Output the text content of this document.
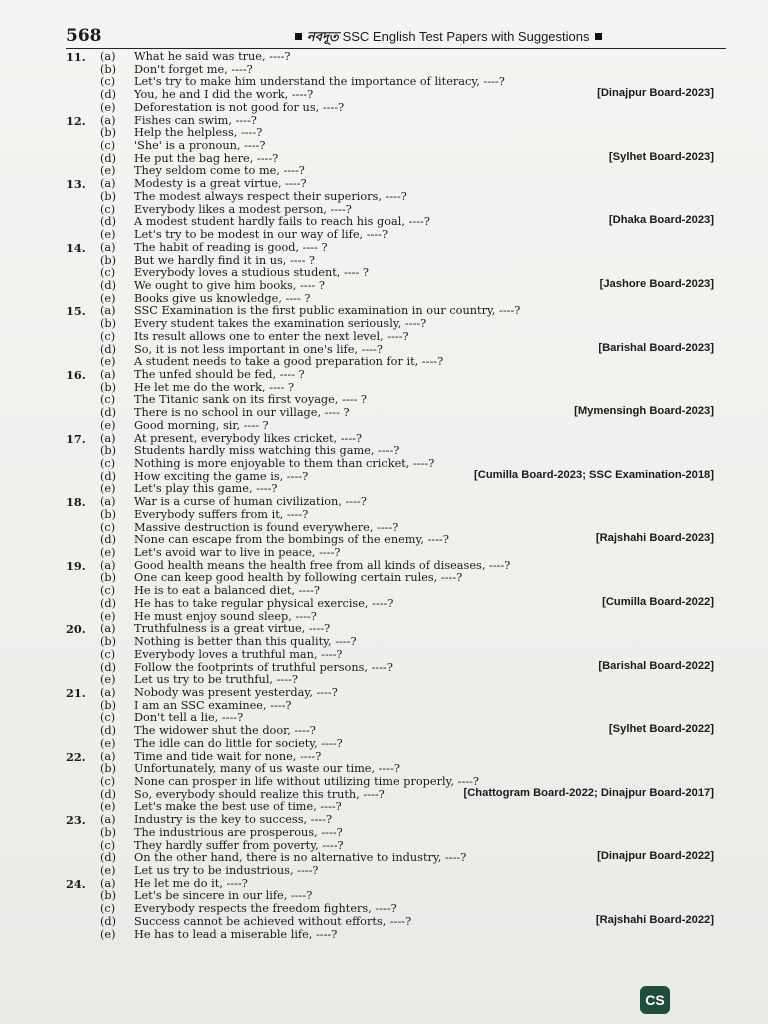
568	নবদূত SSC English Test Papers with Suggestions
11.	(a)	What he said was true, ----?
(b)	Don't forget me, ----?
(c)	Let's try to make him understand the importance of literacy, ----?
(d)	You, he and I did the work, ----?	[Dinajpur Board-2023]
(e)	Deforestation is not good for us, ----?
12.	(a)	Fishes can swim, ----?
(b)	Help the helpless, ----?
(c)	'She' is a pronoun, ----?
(d)	He put the bag here, ----?	[Sylhet Board-2023]
(e)	They seldom come to me, ----?
13.	(a)	Modesty is a great virtue, ----?
(b)	The modest always respect their superiors, ----?
(c)	Everybody likes a modest person, ----?
(d)	A modest student hardly fails to reach his goal, ----?	[Dhaka Board-2023]
(e)	Let's try to be modest in our way of life, ----?
14.	(a)	The habit of reading is good, ---- ?
(b)	But we hardly find it in us, ---- ?
(c)	Everybody loves a studious student, ---- ?
(d)	We ought to give him books, ---- ?	[Jashore Board-2023]
(e)	Books give us knowledge, ---- ?
15.	(a)	SSC Examination is the first public examination in our country, ----?
(b)	Every student takes the examination seriously, ----?
(c)	Its result allows one to enter the next level, ----?
(d)	So, it is not less important in one's life, ----?	[Barishal Board-2023]
(e)	A student needs to take a good preparation for it, ----?
16.	(a)	The unfed should be fed, ---- ?
(b)	He let me do the work, ---- ?
(c)	The Titanic sank on its first voyage, ---- ?
(d)	There is no school in our village, ---- ?	[Mymensingh Board-2023]
(e)	Good morning, sir, ---- ?
17.	(a)	At present, everybody likes cricket, ----?
(b)	Students hardly miss watching this game, ----?
(c)	Nothing is more enjoyable to them than cricket, ----?
(d)	How exciting the game is, ----?	[Cumilla Board-2023; SSC Examination-2018]
(e)	Let's play this game, ----?
18.	(a)	War is a curse of human civilization, ----?
(b)	Everybody suffers from it, ----?
(c)	Massive destruction is found everywhere, ----?
(d)	None can escape from the bombings of the enemy, ----?	[Rajshahi Board-2023]
(e)	Let's avoid war to live in peace, ----?
19.	(a)	Good health means the health free from all kinds of diseases, ----?
(b)	One can keep good health by following certain rules, ----?
(c)	He is to eat a balanced diet, ----?
(d)	He has to take regular physical exercise, ----?	[Cumilla Board-2022]
(e)	He must enjoy sound sleep, ----?
20.	(a)	Truthfulness is a great virtue, ----?
(b)	Nothing is better than this quality, ----?
(c)	Everybody loves a truthful man, ----?
(d)	Follow the footprints of truthful persons, ----?	[Barishal Board-2022]
(e)	Let us try to be truthful, ----?
21.	(a)	Nobody was present yesterday, ----?
(b)	I am an SSC examinee, ----?
(c)	Don't tell a lie, ----?
(d)	The widower shut the door, ----?	[Sylhet Board-2022]
(e)	The idle can do little for society, ----?
22.	(a)	Time and tide wait for none, ----?
(b)	Unfortunately, many of us waste our time, ----?
(c)	None can prosper in life without utilizing time properly, ----?
(d)	So, everybody should realize this truth, ----?	[Chattogram Board-2022; Dinajpur Board-2017]
(e)	Let's make the best use of time, ----?
23.	(a)	Industry is the key to success, ----?
(b)	The industrious are prosperous, ----?
(c)	They hardly suffer from poverty, ----?
(d)	On the other hand, there is no alternative to industry, ----?	[Dinajpur Board-2022]
(e)	Let us try to be industrious, ----?
24.	(a)	He let me do it, ----?
(b)	Let's be sincere in our life, ----?
(c)	Everybody respects the freedom fighters, ----?
(d)	Success cannot be achieved without efforts, ----?	[Rajshahi Board-2022]
(e)	He has to lead a miserable life, ----?
CS
